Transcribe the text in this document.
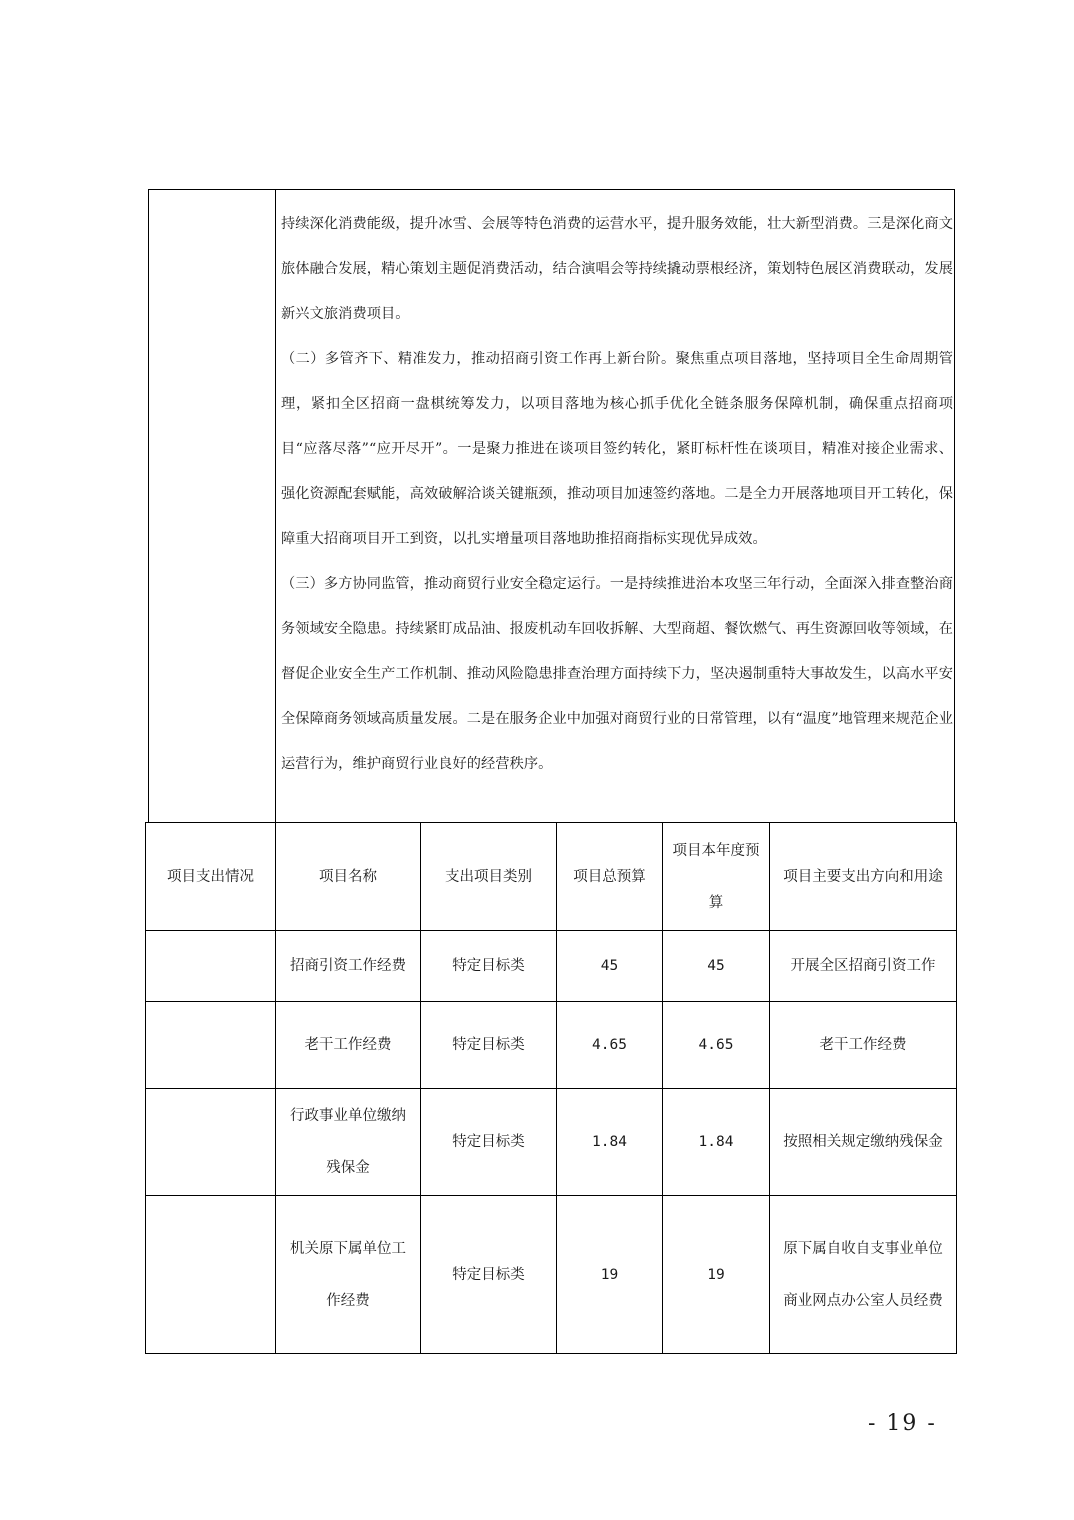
持续深化消费能级，提升冰雪、会展等特色消费的运营水平，提升服务效能，壮大新型消费。三是深化商文旅体融合发展，精心策划主题促消费活动，结合演唱会等持续撬动票根经济，策划特色展区消费联动，发展新兴文旅消费项目。

（二）多管齐下、精准发力，推动招商引资工作再上新台阶。聚焦重点项目落地，坚持项目全生命周期管理，紧扣全区招商一盘棋统筹发力，以项目落地为核心抓手优化全链条服务保障机制，确保重点招商项目“应落尽落”“应开尽开”。一是聚力推进在谈项目签约转化，紧盯标杆性在谈项目，精准对接企业需求、强化资源配套赋能，高效破解洽谈关键瓶颈，推动项目加速签约落地。二是全力开展落地项目开工转化，保障重大招商项目开工到资，以扎实增量项目落地助推招商指标实现优异成效。

（三）多方协同监管，推动商贸行业安全稳定运行。一是持续推进治本攻坚三年行动，全面深入排查整治商务领域安全隐患。持续紧盯成品油、报废机动车回收拆解、大型商超、餐饮燃气、再生资源回收等领域，在督促企业安全生产工作机制、推动风险隐患排查治理方面持续下力，坚决遏制重特大事故发生，以高水平安全保障商务领域高质量发展。二是在服务企业中加强对商贸行业的日常管理，以有“温度”地管理来规范企业运营行为，维护商贸行业良好的经营秩序。

项目支出情况	项目名称	支出项目类别	项目总预算	项目本年度预算	项目主要支出方向和用途
	招商引资工作经费	特定目标类	45	45	开展全区招商引资工作
	老干工作经费	特定目标类	4.65	4.65	老干工作经费
	行政事业单位缴纳残保金	特定目标类	1.84	1.84	按照相关规定缴纳残保金
	机关原下属单位工作经费	特定目标类	19	19	原下属自收自支事业单位商业网点办公室人员经费
- 19 -
